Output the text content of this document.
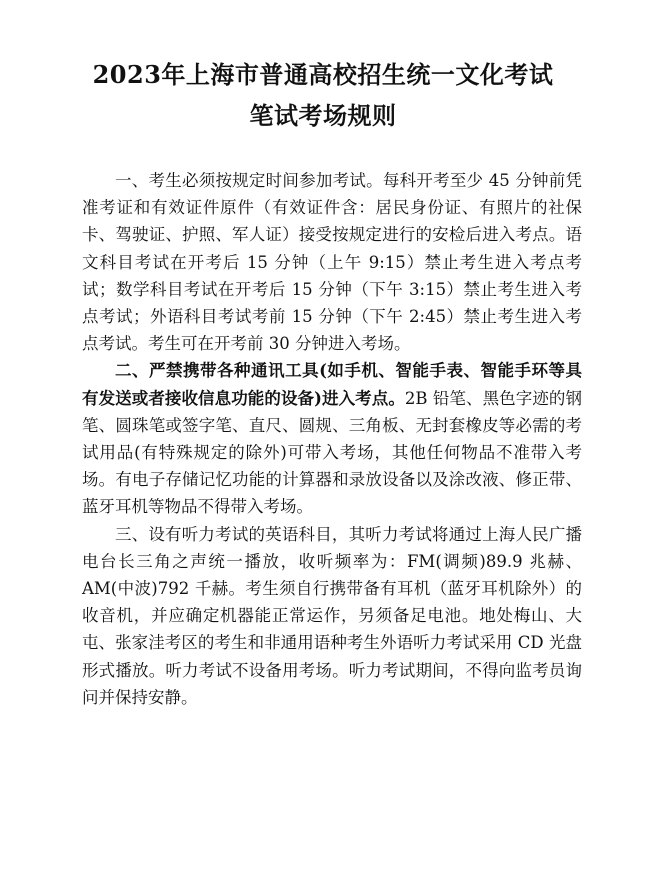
2023年上海市普通高校招生统一文化考试
笔试考场规则

一、考生必须按规定时间参加考试。每科开考至少 45 分钟前凭准考证和有效证件原件（有效证件含：居民身份证、有照片的社保卡、驾驶证、护照、军人证）接受按规定进行的安检后进入考点。语文科目考试在开考后 15 分钟（上午 9:15）禁止考生进入考点考试；数学科目考试在开考后 15 分钟（下午 3:15）禁止考生进入考点考试；外语科目考试考前 15 分钟（下午 2:45）禁止考生进入考点考试。考生可在开考前 30 分钟进入考场。

二、严禁携带各种通讯工具(如手机、智能手表、智能手环等具有发送或者接收信息功能的设备)进入考点。2B 铅笔、黑色字迹的钢笔、圆珠笔或签字笔、直尺、圆规、三角板、无封套橡皮等必需的考试用品(有特殊规定的除外)可带入考场，其他任何物品不准带入考场。有电子存储记忆功能的计算器和录放设备以及涂改液、修正带、蓝牙耳机等物品不得带入考场。

三、设有听力考试的英语科目，其听力考试将通过上海人民广播电台长三角之声统一播放，收听频率为：FM(调频)89.9 兆赫、AM(中波)792 千赫。考生须自行携带备有耳机（蓝牙耳机除外）的收音机，并应确定机器能正常运作，另须备足电池。地处梅山、大屯、张家洼考区的考生和非通用语种考生外语听力考试采用 CD 光盘形式播放。听力考试不设备用考场。听力考试期间，不得向监考员询问并保持安静。
